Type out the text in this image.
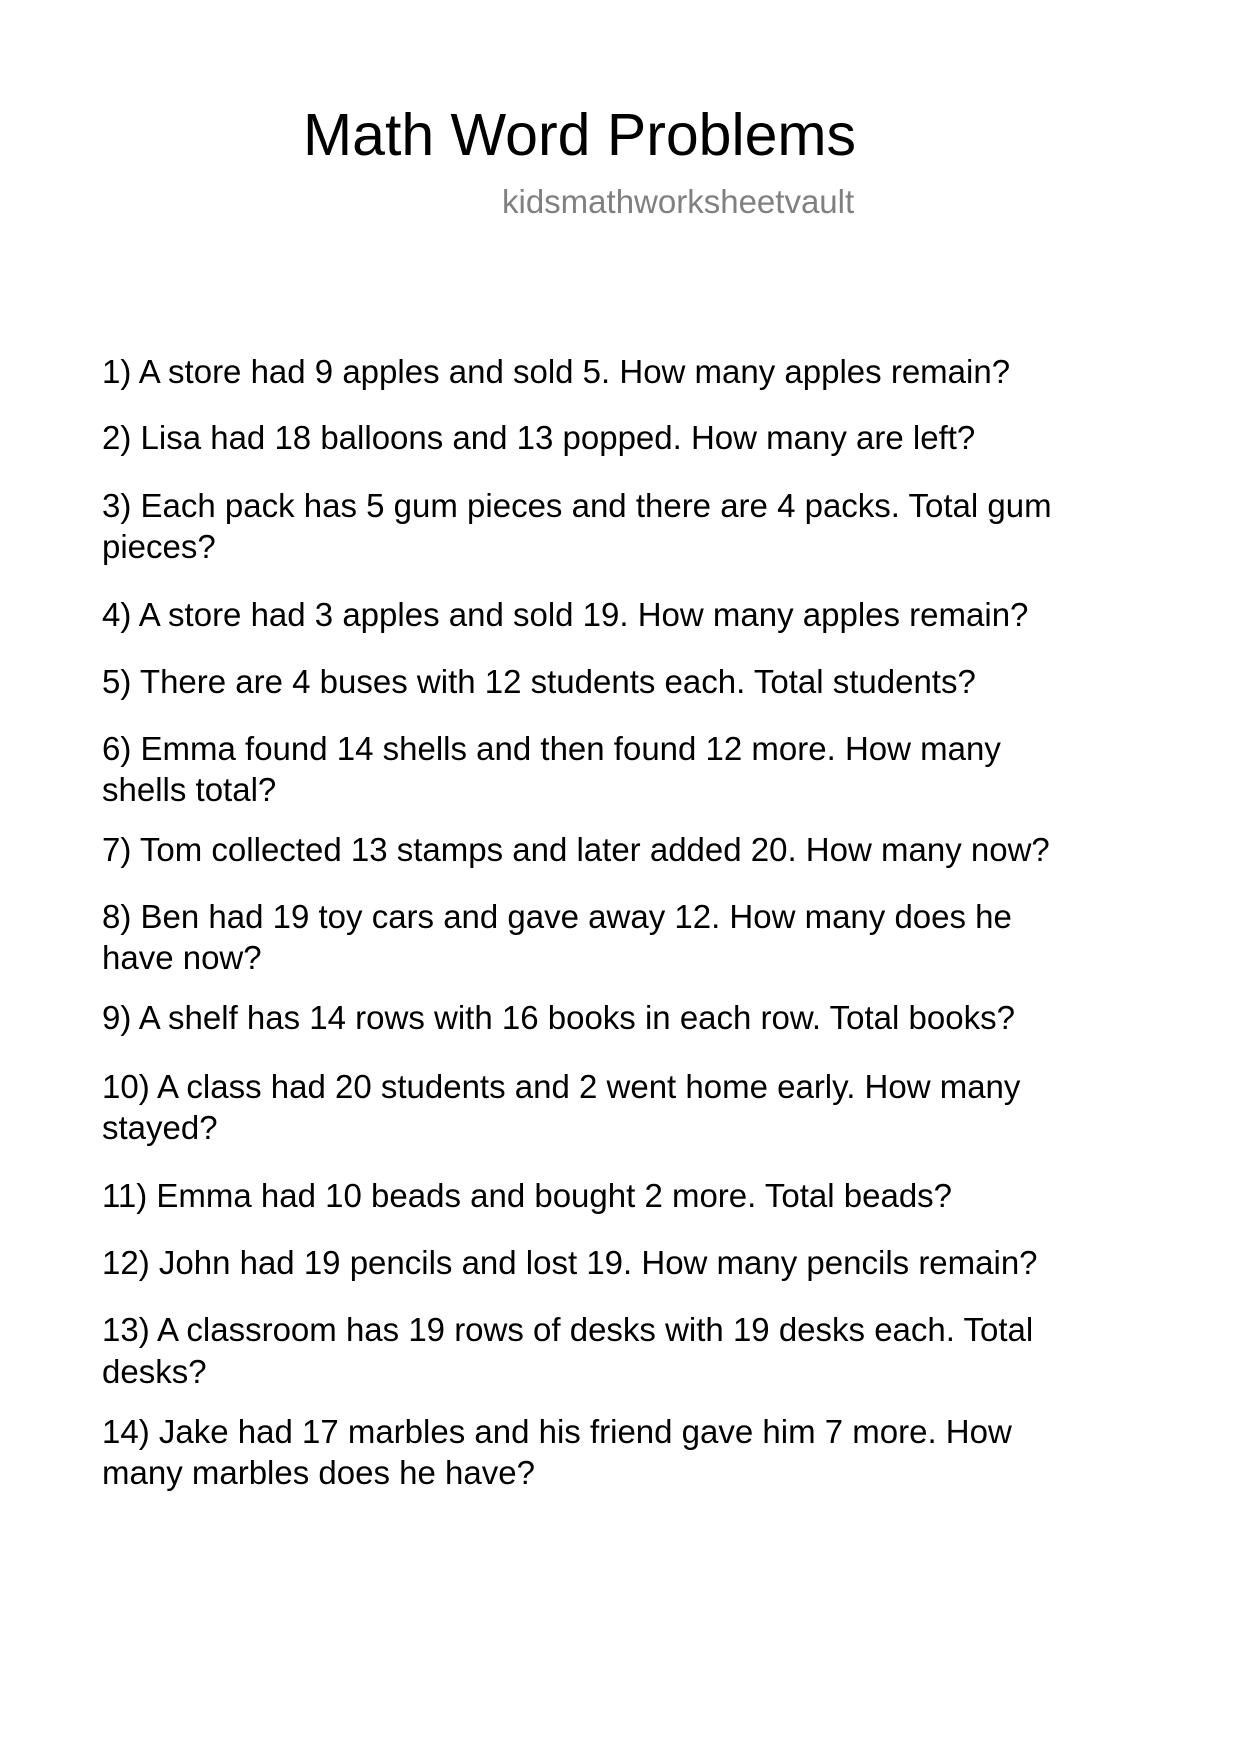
Math Word Problems
kidsmathworksheetvault
1) A store had 9 apples and sold 5. How many apples remain?
2) Lisa had 18 balloons and 13 popped. How many are left?
3) Each pack has 5 gum pieces and there are 4 packs. Total gum
pieces?
4) A store had 3 apples and sold 19. How many apples remain?
5) There are 4 buses with 12 students each. Total students?
6) Emma found 14 shells and then found 12 more. How many
shells total?
7) Tom collected 13 stamps and later added 20. How many now?
8) Ben had 19 toy cars and gave away 12. How many does he
have now?
9) A shelf has 14 rows with 16 books in each row. Total books?
10) A class had 20 students and 2 went home early. How many
stayed?
11) Emma had 10 beads and bought 2 more. Total beads?
12) John had 19 pencils and lost 19. How many pencils remain?
13) A classroom has 19 rows of desks with 19 desks each. Total
desks?
14) Jake had 17 marbles and his friend gave him 7 more. How
many marbles does he have?
